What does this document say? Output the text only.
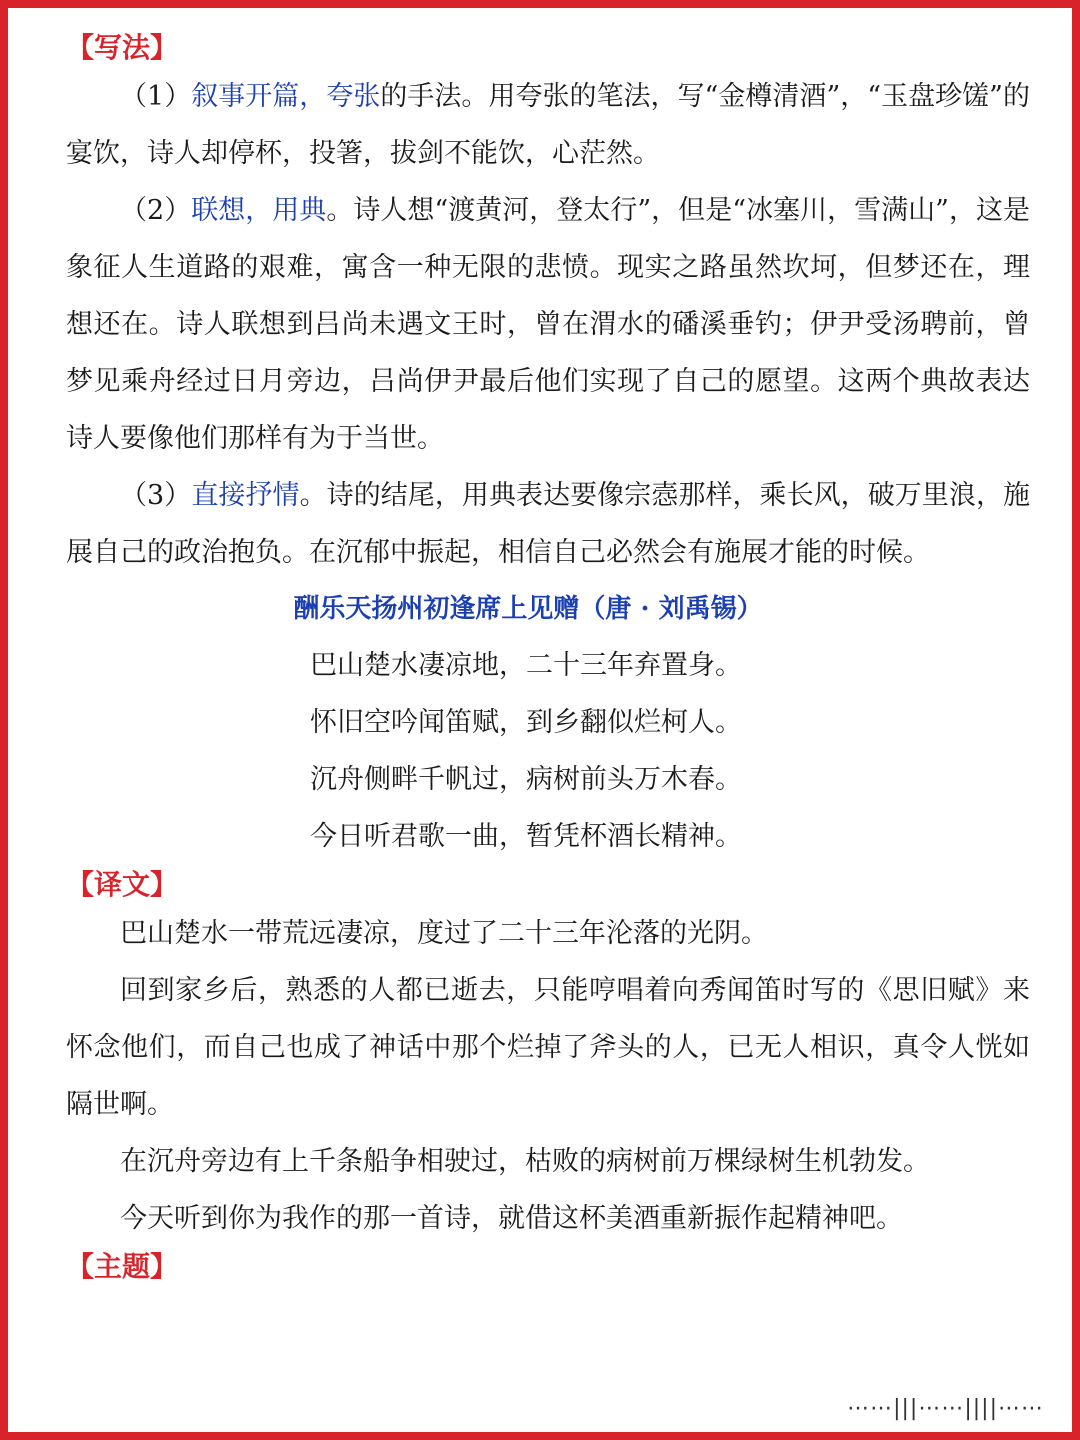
【写法】

（1）叙事开篇，夸张的手法。用夸张的笔法，写“金樽清酒”，“玉盘珍馐”的宴饮，诗人却停杯，投箸，拔剑不能饮，心茫然。

（2）联想，用典。诗人想“渡黄河，登太行”，但是“冰塞川，雪满山”，这是象征人生道路的艰难，寓含一种无限的悲愤。现实之路虽然坎坷，但梦还在，理想还在。诗人联想到吕尚未遇文王时，曾在渭水的磻溪垂钓；伊尹受汤聘前，曾梦见乘舟经过日月旁边，吕尚伊尹最后他们实现了自己的愿望。这两个典故表达诗人要像他们那样有为于当世。

（3）直接抒情。诗的结尾，用典表达要像宗悫那样，乘长风，破万里浪，施展自己的政治抱负。在沉郁中振起，相信自己必然会有施展才能的时候。

酬乐天扬州初逢席上见赠（唐 · 刘禹锡）
巴山楚水凄凉地，二十三年弃置身。
怀旧空吟闻笛赋，到乡翻似烂柯人。
沉舟侧畔千帆过，病树前头万木春。
今日听君歌一曲，暂凭杯酒长精神。
【译文】

巴山楚水一带荒远凄凉，度过了二十三年沦落的光阴。

回到家乡后，熟悉的人都已逝去，只能哼唱着向秀闻笛时写的《思旧赋》来怀念他们，而自己也成了神话中那个烂掉了斧头的人，已无人相识，真令人恍如隔世啊。

在沉舟旁边有上千条船争相驶过，枯败的病树前万棵绿树生机勃发。

今天听到你为我作的那一首诗，就借这杯美酒重新振作起精神吧。

【主题】
⋯⋯|||⋯⋯||||⋯⋯
